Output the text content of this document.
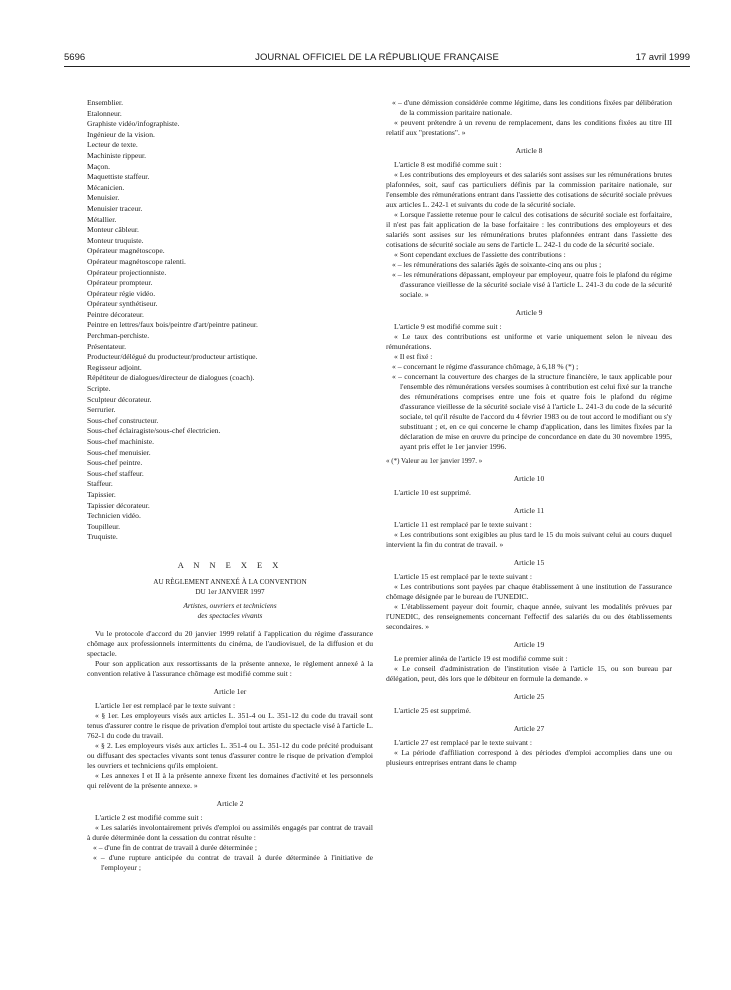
5696	JOURNAL OFFICIEL DE LA RÉPUBLIQUE FRANÇAISE	17 avril 1999
Ensemblier.
Etalonneur.
Graphiste vidéo/infographiste.
Ingénieur de la vision.
Lecteur de texte.
Machiniste rippeur.
Maçon.
Maquettiste staffeur.
Mécanicien.
Menuisier.
Menuisier traceur.
Métallier.
Monteur câbleur.
Monteur truquiste.
Opérateur magnétoscope.
Opérateur magnétoscope ralenti.
Opérateur projectionniste.
Opérateur prompteur.
Opérateur régie vidéo.
Opérateur synthétiseur.
Peintre décorateur.
Peintre en lettres/faux bois/peintre d'art/peintre patineur.
Perchman-perchiste.
Présentateur.
Producteur/délégué du producteur/producteur artistique.
Regisseur adjoint.
Répétiteur de dialogues/directeur de dialogues (coach).
Scripte.
Sculpteur décorateur.
Serrurier.
Sous-chef constructeur.
Sous-chef éclairagiste/sous-chef électricien.
Sous-chef machiniste.
Sous-chef menuisier.
Sous-chef peintre.
Sous-chef staffeur.
Staffeur.
Tapissier.
Tapissier décorateur.
Technicien vidéo.
Toupilleur.
Truquiste.
A N N E X E X
AU RÈGLEMENT ANNEXÉ À LA CONVENTION
DU 1er JANVIER 1997
Artistes, ouvriers et techniciens
des spectacles vivants

Vu le protocole d'accord du 20 janvier 1999 relatif à l'application du régime d'assurance chômage aux professionnels intermittents du cinéma, de l'audiovisuel, de la diffusion et du spectacle.

Pour son application aux ressortissants de la présente annexe, le règlement annexé à la convention relative à l'assurance chômage est modifié comme suit :

Article 1er

L'article 1er est remplacé par le texte suivant :

« § 1er. Les employeurs visés aux articles L. 351-4 ou L. 351-12 du code du travail sont tenus d'assurer contre le risque de privation d'emploi tout artiste du spectacle visé à l'article L. 762-1 du code du travail.

« § 2. Les employeurs visés aux articles L. 351-4 ou L. 351-12 du code précité produisant ou diffusant des spectacles vivants sont tenus d'assurer contre le risque de privation d'emploi les ouvriers et techniciens qu'ils emploient.

« Les annexes I et II à la présente annexe fixent les domaines d'activité et les personnels qui relèvent de la présente annexe. »

Article 2

L'article 2 est modifié comme suit :

« Les salariés involontairement privés d'emploi ou assimilés engagés par contrat de travail à durée déterminée dont la cessation du contrat résulte :

« – d'une fin de contrat de travail à durée déterminée ;

« – d'une rupture anticipée du contrat de travail à durée déterminée à l'initiative de l'employeur ;

« – d'une démission considérée comme légitime, dans les conditions fixées par délibération de la commission paritaire nationale.

« peuvent prétendre à un revenu de remplacement, dans les conditions fixées au titre III relatif aux "prestations". »

Article 8

L'article 8 est modifié comme suit :

« Les contributions des employeurs et des salariés sont assises sur les rémunérations brutes plafonnées, soit, sauf cas particuliers définis par la commission paritaire nationale, sur l'ensemble des rémunérations entrant dans l'assiette des cotisations de sécurité sociale prévues aux articles L. 242-1 et suivants du code de la sécurité sociale.

« Lorsque l'assiette retenue pour le calcul des cotisations de sécurité sociale est forfaitaire, il n'est pas fait application de la base forfaitaire : les contributions des employeurs et des salariés sont assises sur les rémunérations brutes plafonnées entrant dans l'assiette des cotisations de sécurité sociale au sens de l'article L. 242-1 du code de la sécurité sociale.

« Sont cependant exclues de l'assiette des contributions :

« – les rémunérations des salariés âgés de soixante-cinq ans ou plus ;

« – les rémunérations dépassant, employeur par employeur, quatre fois le plafond du régime d'assurance vieillesse de la sécurité sociale visé à l'article L. 241-3 du code de la sécurité sociale. »

Article 9

L'article 9 est modifié comme suit :

« Le taux des contributions est uniforme et varie uniquement selon le niveau des rémunérations.

« Il est fixé :

« – concernant le régime d'assurance chômage, à 6,18 % (*) ;

« – concernant la couverture des charges de la structure financière, le taux applicable pour l'ensemble des rémunérations versées soumises à contribution est celui fixé sur la tranche des rémunérations comprises entre une fois et quatre fois le plafond du régime d'assurance vieillesse de la sécurité sociale visé à l'article L. 241-3 du code de la sécurité sociale, tel qu'il résulte de l'accord du 4 février 1983 ou de tout accord le modifiant ou s'y substituant ; et, en ce qui concerne le champ d'application, dans les limites fixées par la déclaration de mise en œuvre du principe de concordance en date du 30 novembre 1995, ayant pris effet le 1er janvier 1996.

« (*) Valeur au 1er janvier 1997. »

Article 10

L'article 10 est supprimé.

Article 11

L'article 11 est remplacé par le texte suivant :

« Les contributions sont exigibles au plus tard le 15 du mois suivant celui au cours duquel intervient la fin du contrat de travail. »

Article 15

L'article 15 est remplacé par le texte suivant :

« Les contributions sont payées par chaque établissement à une institution de l'assurance chômage désignée par le bureau de l'UNEDIC.

« L'établissement payeur doit fournir, chaque année, suivant les modalités prévues par l'UNEDIC, des renseignements concernant l'effectif des salariés du ou des établissements secondaires. »

Article 19

Le premier alinéa de l'article 19 est modifié comme suit :

« Le conseil d'administration de l'institution visée à l'article 15, ou son bureau par délégation, peut, dès lors que le débiteur en formule la demande. »

Article 25

L'article 25 est supprimé.

Article 27

L'article 27 est remplacé par le texte suivant :

« La période d'affiliation correspond à des périodes d'emploi accomplies dans une ou plusieurs entreprises entrant dans le champ
